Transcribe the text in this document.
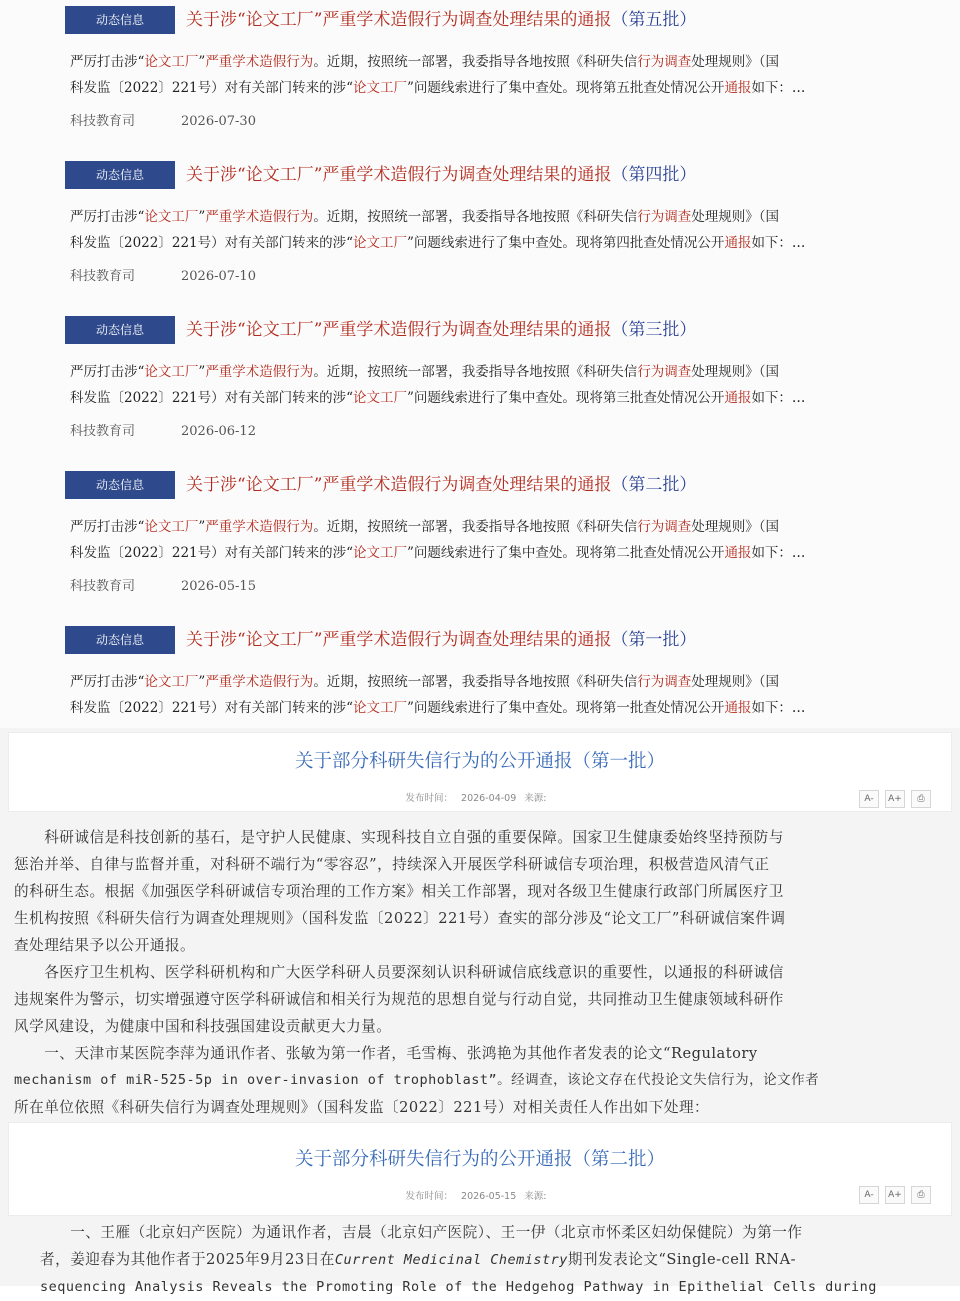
动态信息	关于涉“论文工厂”严重学术造假行为调查处理结果的通报（第五批）
严厉打击涉“论文工厂”严重学术造假行为。近期，按照统一部署，我委指导各地按照《科研失信行为调查处理规则》（国
科发监〔2022〕221号）对有关部门转来的涉“论文工厂”问题线索进行了集中查处。现将第五批查处情况公开通报如下：…
科技教育司	2026-07-30
动态信息	关于涉“论文工厂”严重学术造假行为调查处理结果的通报（第四批）
严厉打击涉“论文工厂”严重学术造假行为。近期，按照统一部署，我委指导各地按照《科研失信行为调查处理规则》（国
科发监〔2022〕221号）对有关部门转来的涉“论文工厂”问题线索进行了集中查处。现将第四批查处情况公开通报如下：…
科技教育司	2026-07-10
动态信息	关于涉“论文工厂”严重学术造假行为调查处理结果的通报（第三批）
严厉打击涉“论文工厂”严重学术造假行为。近期，按照统一部署，我委指导各地按照《科研失信行为调查处理规则》（国
科发监〔2022〕221号）对有关部门转来的涉“论文工厂”问题线索进行了集中查处。现将第三批查处情况公开通报如下：…
科技教育司	2026-06-12
动态信息	关于涉“论文工厂”严重学术造假行为调查处理结果的通报（第二批）
严厉打击涉“论文工厂”严重学术造假行为。近期，按照统一部署，我委指导各地按照《科研失信行为调查处理规则》（国
科发监〔2022〕221号）对有关部门转来的涉“论文工厂”问题线索进行了集中查处。现将第二批查处情况公开通报如下：…
科技教育司	2026-05-15
动态信息	关于涉“论文工厂”严重学术造假行为调查处理结果的通报（第一批）
严厉打击涉“论文工厂”严重学术造假行为。近期，按照统一部署，我委指导各地按照《科研失信行为调查处理规则》（国
科发监〔2022〕221号）对有关部门转来的涉“论文工厂”问题线索进行了集中查处。现将第一批查处情况公开通报如下：…
关于部分科研失信行为的公开通报（第一批）
发布时间： 2026-04-09 来源:	A-	A+	⎙
　　科研诚信是科技创新的基石，是守护人民健康、实现科技自立自强的重要保障。国家卫生健康委始终坚持预防与
惩治并举、自律与监督并重，对科研不端行为“零容忍”，持续深入开展医学科研诚信专项治理，积极营造风清气正
的科研生态。根据《加强医学科研诚信专项治理的工作方案》相关工作部署，现对各级卫生健康行政部门所属医疗卫
生机构按照《科研失信行为调查处理规则》（国科发监〔2022〕221号）查实的部分涉及“论文工厂”科研诚信案件调
查处理结果予以公开通报。
　　各医疗卫生机构、医学科研机构和广大医学科研人员要深刻认识科研诚信底线意识的重要性，以通报的科研诚信
违规案件为警示，切实增强遵守医学科研诚信和相关行为规范的思想自觉与行动自觉，共同推动卫生健康领域科研作
风学风建设，为健康中国和科技强国建设贡献更大力量。
　　一、天津市某医院李萍为通讯作者、张敏为第一作者，毛雪梅、张鸿艳为其他作者发表的论文“Regulatory
mechanism of miR-525-5p in over-invasion of trophoblast”。经调查，该论文存在代投论文失信行为，论文作者
所在单位依照《科研失信行为调查处理规则》（国科发监〔2022〕221号）对相关责任人作出如下处理：
关于部分科研失信行为的公开通报（第二批）
发布时间： 2026-05-15 来源:	A-	A+	⎙
　　一、王雁（北京妇产医院）为通讯作者，吉晨（北京妇产医院）、王一伊（北京市怀柔区妇幼保健院）为第一作
者，姜迎春为其他作者于2025年9月23日在Current Medicinal Chemistry期刊发表论文“Single-cell RNA-
sequencing Analysis Reveals the Promoting Role of the Hedgehog Pathway in Epithelial Cells during
